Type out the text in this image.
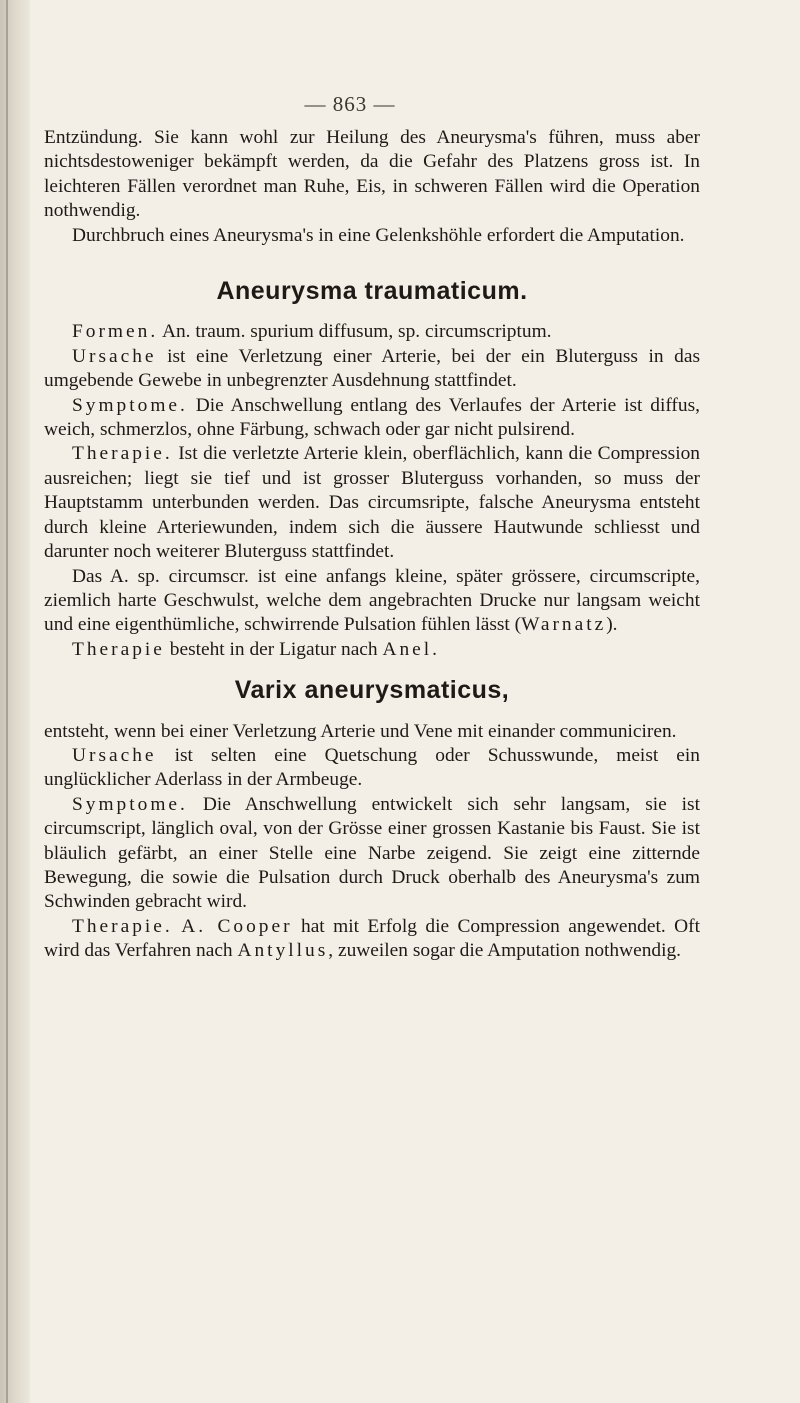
— 863 —

Entzündung. Sie kann wohl zur Heilung des Aneurysma's führen, muss aber nichtsdestoweniger bekämpft werden, da die Gefahr des Platzens gross ist. In leichteren Fällen verordnet man Ruhe, Eis, in schweren Fällen wird die Operation nothwendig.

Durchbruch eines Aneurysma's in eine Gelenkshöhle erfordert die Amputation.

Aneurysma traumaticum.

Formen. An. traum. spurium diffusum, sp. circumscriptum.

Ursache ist eine Verletzung einer Arterie, bei der ein Bluterguss in das umgebende Gewebe in unbegrenzter Ausdehnung stattfindet.

Symptome. Die Anschwellung entlang des Verlaufes der Arterie ist diffus, weich, schmerzlos, ohne Färbung, schwach oder gar nicht pulsirend.

Therapie. Ist die verletzte Arterie klein, oberflächlich, kann die Compression ausreichen; liegt sie tief und ist grosser Bluterguss vorhanden, so muss der Hauptstamm unterbunden werden. Das circumsripte, falsche Aneurysma entsteht durch kleine Arteriewunden, indem sich die äussere Hautwunde schliesst und darunter noch weiterer Bluterguss stattfindet.

Das A. sp. circumscr. ist eine anfangs kleine, später grössere, circumscripte, ziemlich harte Geschwulst, welche dem angebrachten Drucke nur langsam weicht und eine eigenthümliche, schwirrende Pulsation fühlen lässt (Warnatz).

Therapie besteht in der Ligatur nach Anel.

Varix aneurysmaticus,

entsteht, wenn bei einer Verletzung Arterie und Vene mit einander communiciren.

Ursache ist selten eine Quetschung oder Schusswunde, meist ein unglücklicher Aderlass in der Armbeuge.

Symptome. Die Anschwellung entwickelt sich sehr langsam, sie ist circumscript, länglich oval, von der Grösse einer grossen Kastanie bis Faust. Sie ist bläulich gefärbt, an einer Stelle eine Narbe zeigend. Sie zeigt eine zitternde Bewegung, die sowie die Pulsation durch Druck oberhalb des Aneurysma's zum Schwinden gebracht wird.

Therapie. A. Cooper hat mit Erfolg die Compression angewendet. Oft wird das Verfahren nach Antyllus, zuweilen sogar die Amputation nothwendig.
